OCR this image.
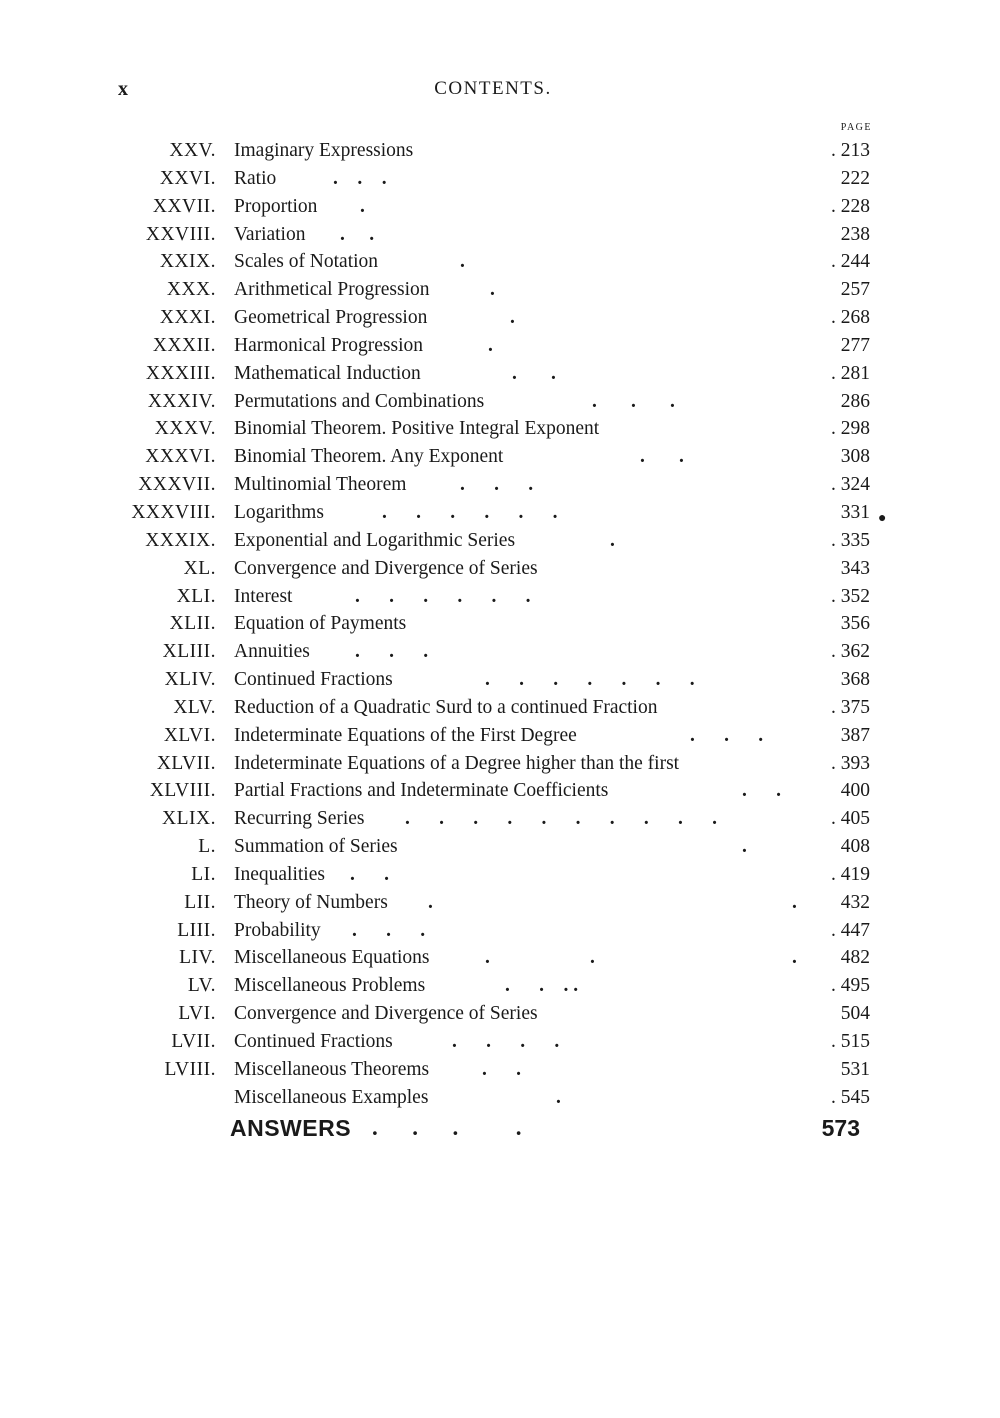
x	CONTENTS.
PAGE
XXV. Imaginary Expressions	. 213
XXVI. Ratio	.    .    .	222
XXVII. Proportion .	. 228
XXVIII. Variation .     .	238
XXIX. Scales of Notation	.	. 244
XXX. Arithmetical Progression	.	257
XXXI. Geometrical Progression	.	. 268
XXXII. Harmonical Progression	.	277
XXXIII. Mathematical Induction	.       .	. 281
XXXIV. Permutations and Combinations	.       .       .	286
XXXV. Binomial Theorem. Positive Integral Exponent	. 298
XXXVI. Binomial Theorem. Any Exponent	.       .	308
XXXVII. Multinomial Theorem	.      .      .	. 324
XXXVIII. Logarithms	.      .      .      .      .      .	331
XXXIX. Exponential and Logarithmic Series	.	. 335
XL. Convergence and Divergence of Series	343
XLI. Interest	.      .      .      .      .      .	. 352
XLII. Equation of Payments	356
XLIII. Annuities .      .      .	. 362
XLIV. Continued Fractions	.      .      .      .      .      .      .	368
XLV. Reduction of a Quadratic Surd to a continued Fraction	. 375
XLVI. Indeterminate Equations of the First Degree	.      .      .	387
XLVII. Indeterminate Equations of a Degree higher than the first	. 393
XLVIII. Partial Fractions and Indeterminate Coefficients	.      .	400
XLIX. Recurring Series .      .      .      .      .      .      .      .      .      .	. 405
L. Summation of Series	.	408
LI. Inequalities .      .	. 419
LII. Theory of Numbers .	.	432
LIII. Probability .      .      .	. 447
LIV. Miscellaneous Equations	.	.	.	482
LV. Miscellaneous Problems	.      .    . .	. 495
LVI. Convergence and Divergence of Series	504
LVII. Continued Fractions	.      .      .      .	. 515
LVIII. Miscellaneous Theorems	.      .	531
Miscellaneous Examples	.	. 545
ANSWERS .      .      .          .	573
●
